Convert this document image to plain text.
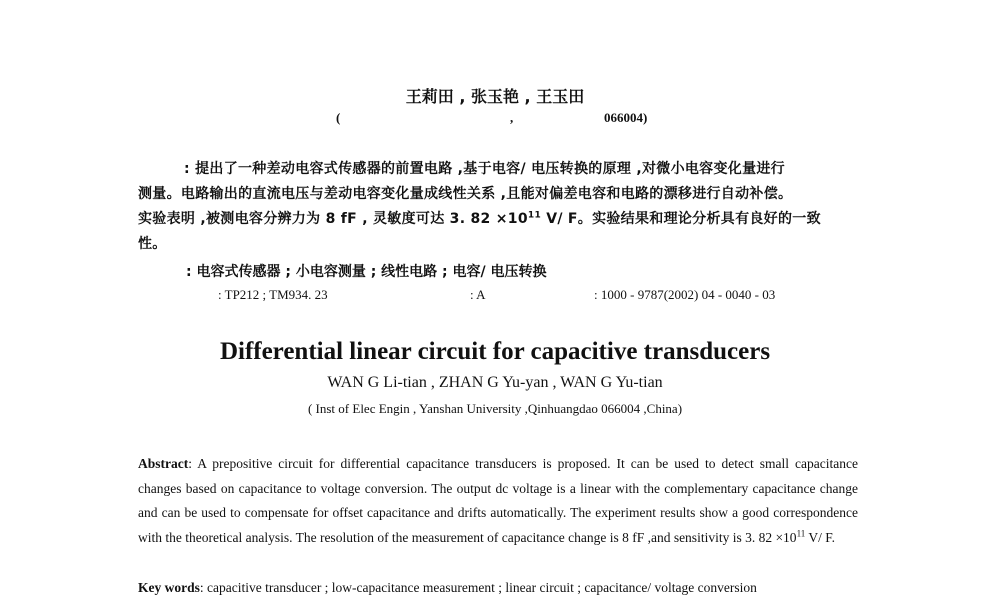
王莉田 , 张玉艳 , 王玉田
(	,	066004)
: 提出了一种差动电容式传感器的前置电路 ,基于电容/ 电压转换的原理 ,对微小电容变化量进行
测量。电路输出的直流电压与差动电容变化量成线性关系 ,且能对偏差电容和电路的漂移进行自动补偿。
实验表明 ,被测电容分辨力为 8 fF , 灵敏度可达 3. $82 \times 10^{11}$ V/ F。实验结果和理论分析具有良好的一致
性。
: 电容式传感器 ; 小电容测量 ; 线性电路 ; 电容/ 电压转换
: TP212 ; TM934. 23	: A	: 1000 - 9787(2002) 04 - 0040 - 03
Differential linear circuit for capacitive transducers
WAN G Li-tian , ZHAN G Yu-yan , WAN G Yu-tian
( Inst of Elec Engin , Yanshan University ,Qinhuangdao 066004 ,China)
Abstract: A prepositive circuit for differential capacitance transducers is proposed. It can be used to detect small capacitance changes based on capacitance to voltage conversion. The output dc voltage is a linear with the complementary capacitance change and can be used to compensate for offset capacitance and drifts automatically. The experiment results show a good correspondence with the theoretical analysis. The resolution of the measurement of capacitance change is 8 fF ,and sensitivity is 3. $82 \times 10^{11}$ V/ F.
Key words: capacitive transducer ; low-capacitance measurement ; linear circuit ; capacitance/ voltage conversion
